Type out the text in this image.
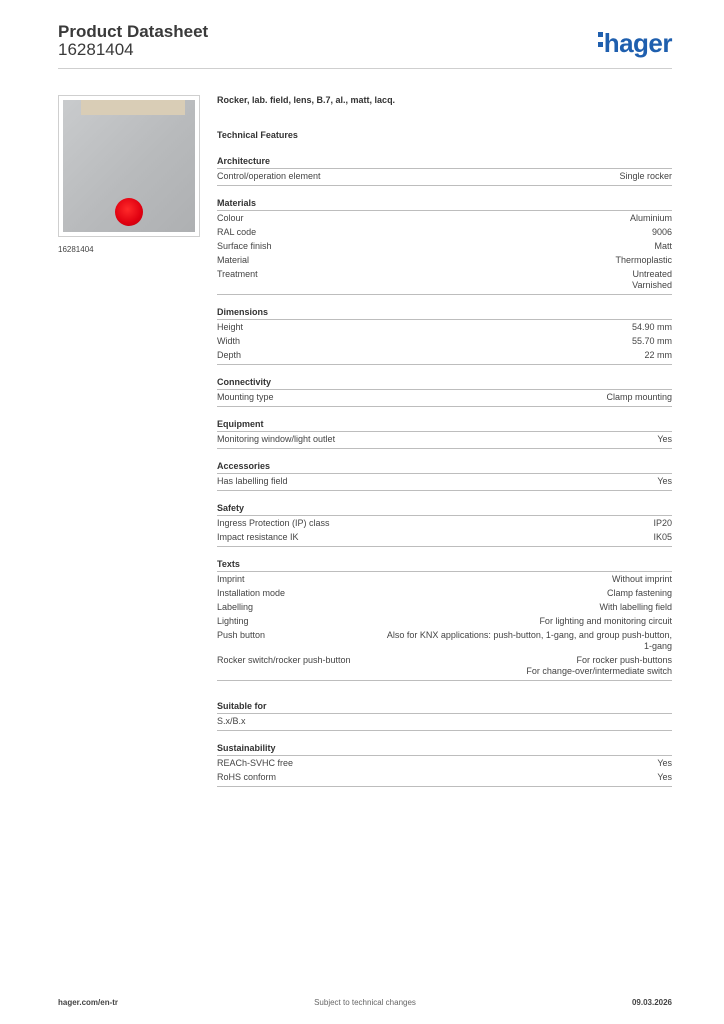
Product Datasheet
16281404	hager
16281404
Rocker, lab. field, lens, B.7, al., matt, lacq.
Technical Features
Architecture
Control/operation element	Single rocker
Materials
Colour	Aluminium
RAL code	9006
Surface finish	Matt
Material	Thermoplastic
Treatment	Untreated
Varnished
Dimensions
Height	54.90 mm
Width	55.70 mm
Depth	22 mm
Connectivity
Mounting type	Clamp mounting
Equipment
Monitoring window/light outlet	Yes
Accessories
Has labelling field	Yes
Safety
Ingress Protection (IP) class	IP20
Impact resistance IK	IK05
Texts
Imprint	Without imprint
Installation mode	Clamp fastening
Labelling	With labelling field
Lighting	For lighting and monitoring circuit
Push button	Also for KNX applications: push-button, 1-gang, and group push-button,
1-gang
Rocker switch/rocker push-button	For rocker push-buttons
For change-over/intermediate switch
Suitable for
S.x/B.x
Sustainability
REACh-SVHC free	Yes
RoHS conform	Yes
hager.com/en-tr	Subject to technical changes	09.03.2026
